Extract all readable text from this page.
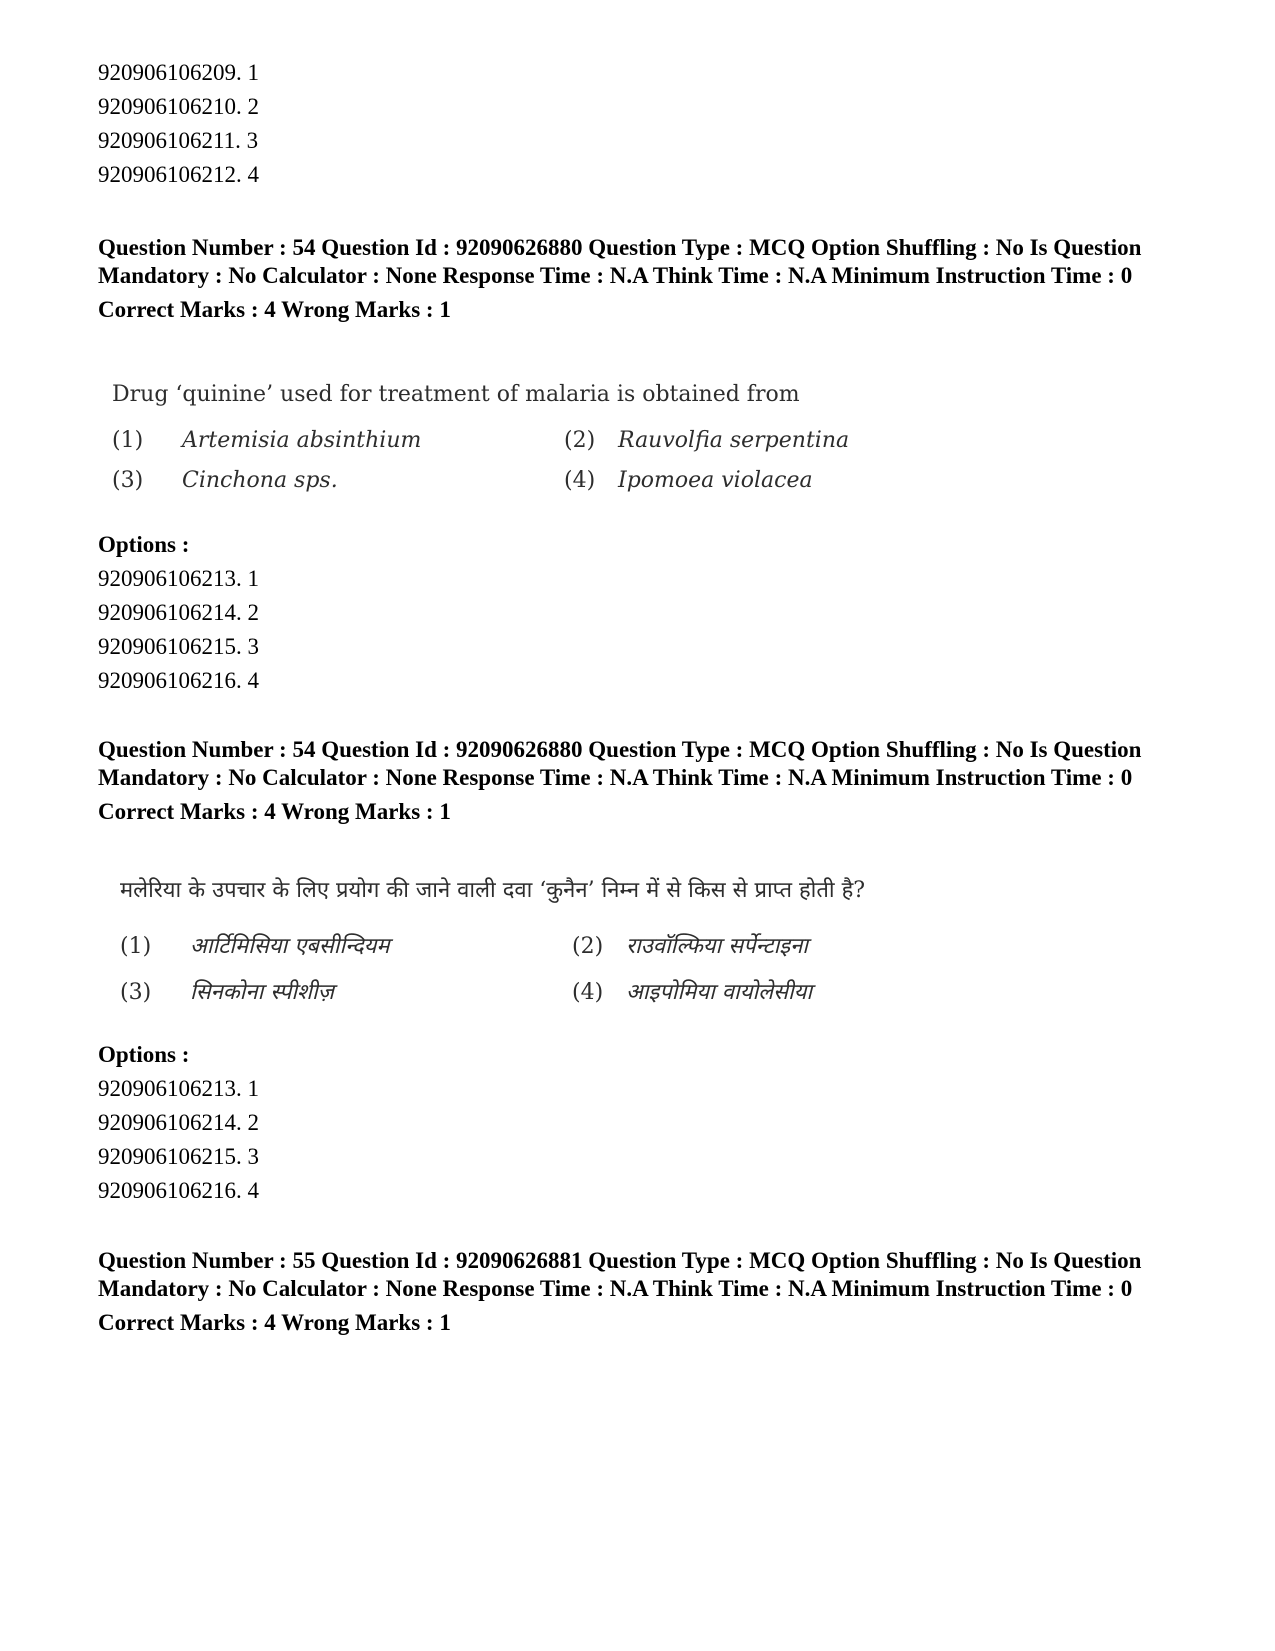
920906106209. 1
920906106210. 2
920906106211. 3
920906106212. 4
Question Number : 54 Question Id : 92090626880 Question Type : MCQ Option Shuffling : No Is Question Mandatory : No Calculator : None Response Time : N.A Think Time : N.A Minimum Instruction Time : 0
Correct Marks : 4 Wrong Marks : 1
Drug ‘quinine’ used for treatment of malaria is obtained from
(1) Artemisia absinthium	(2) Rauvolfia serpentina
(3) Cinchona sps.	(4) Ipomoea violacea
Options :
920906106213. 1
920906106214. 2
920906106215. 3
920906106216. 4
Question Number : 54 Question Id : 92090626880 Question Type : MCQ Option Shuffling : No Is Question Mandatory : No Calculator : None Response Time : N.A Think Time : N.A Minimum Instruction Time : 0
Correct Marks : 4 Wrong Marks : 1
मलेरिया के उपचार के लिए प्रयोग की जाने वाली दवा ‘कुनैन’ निम्न में से किस से प्राप्त होती है?
(1) आर्टिमिसिया एबसीन्दियम	(2) राउवॉल्फिया सर्पेन्टाइना
(3) सिनकोना स्पीशीज़	(4) आइपोमिया वायोलेसीया
Options :
920906106213. 1
920906106214. 2
920906106215. 3
920906106216. 4
Question Number : 55 Question Id : 92090626881 Question Type : MCQ Option Shuffling : No Is Question Mandatory : No Calculator : None Response Time : N.A Think Time : N.A Minimum Instruction Time : 0
Correct Marks : 4 Wrong Marks : 1
